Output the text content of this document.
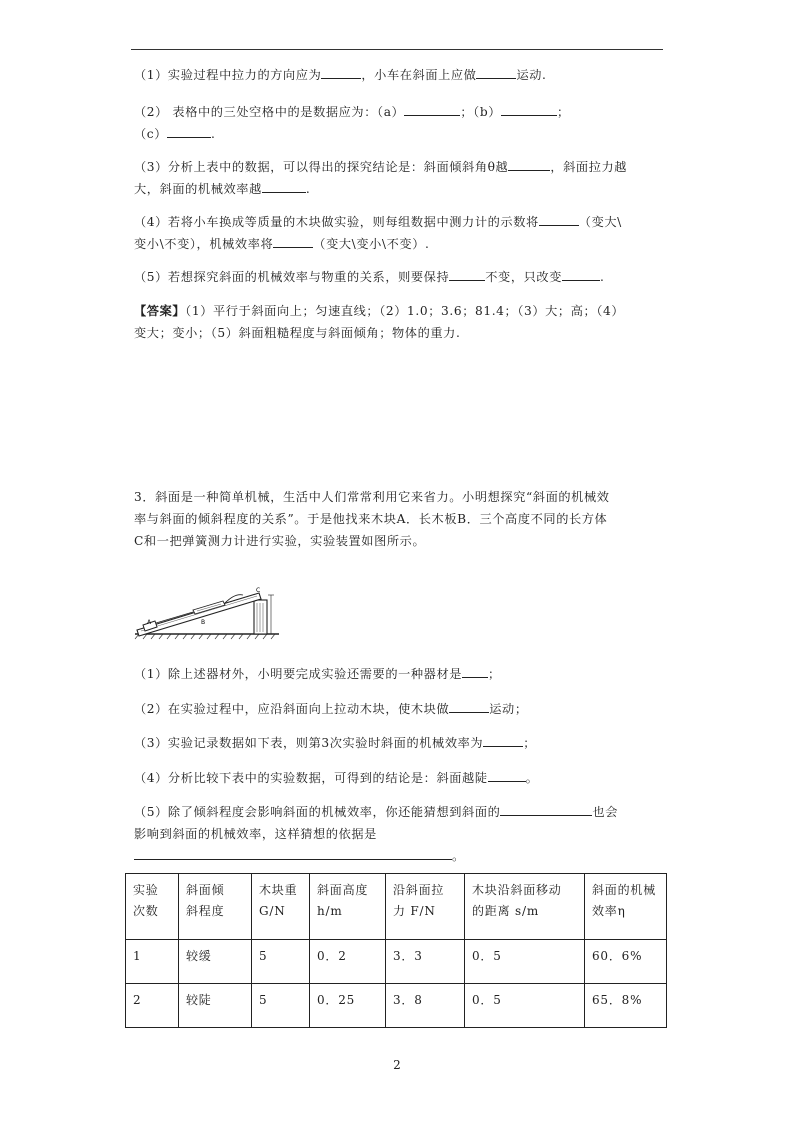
（1）实验过程中拉力的方向应为	，小车在斜面上应做	运动.

（2） 表格中的三处空格中的是数据应为：（a）	；（b）	；
（c）	.

（3）分析上表中的数据，可以得出的探究结论是：斜面倾斜角θ越	，斜面拉力越
大，斜面的机械效率越	.

（4）若将小车换成等质量的木块做实验，则每组数据中测力计的示数将	（变大\
变小\不变），机械效率将	（变大\变小\不变）.

（5）若想探究斜面的机械效率与物重的关系，则要保持	不变，只改变	.

【答案】（1）平行于斜面向上；匀速直线；（2）1.0；3.6；81.4；（3）大；高；（4）
变大；变小；（5）斜面粗糙程度与斜面倾角；物体的重力.

3．斜面是一种简单机械，生活中人们常常利用它来省力。小明想探究“斜面的机械效
率与斜面的倾斜程度的关系”。于是他找来木块A．长木板B．三个高度不同的长方体
C和一把弹簧测力计进行实验，实验装置如图所示。

A	B
C

（1）除上述器材外，小明要完成实验还需要的一种器材是 ；

（2）在实验过程中，应沿斜面向上拉动木块，使木块做	运动；

（3）实验记录数据如下表，则第3次实验时斜面的机械效率为	；

（4）分析比较下表中的实验数据，可得到的结论是：斜面越陡	。

（5）除了倾斜程度会影响斜面的机械效率，你还能猜想到斜面的	也会
影响到斜面的机械效率，这样猜想的依据是
。

实验
次数	斜面倾
斜程度	木块重
G/N	斜面高度
h/m	沿斜面拉
力 F/N	木块沿斜面移动
的距离 s/m	斜面的机械
效率η
1	较缓	5	0．2	3．3	0．5	60．6%
2	较陡	5	0．25	3．8	0．5	65．8%
2
